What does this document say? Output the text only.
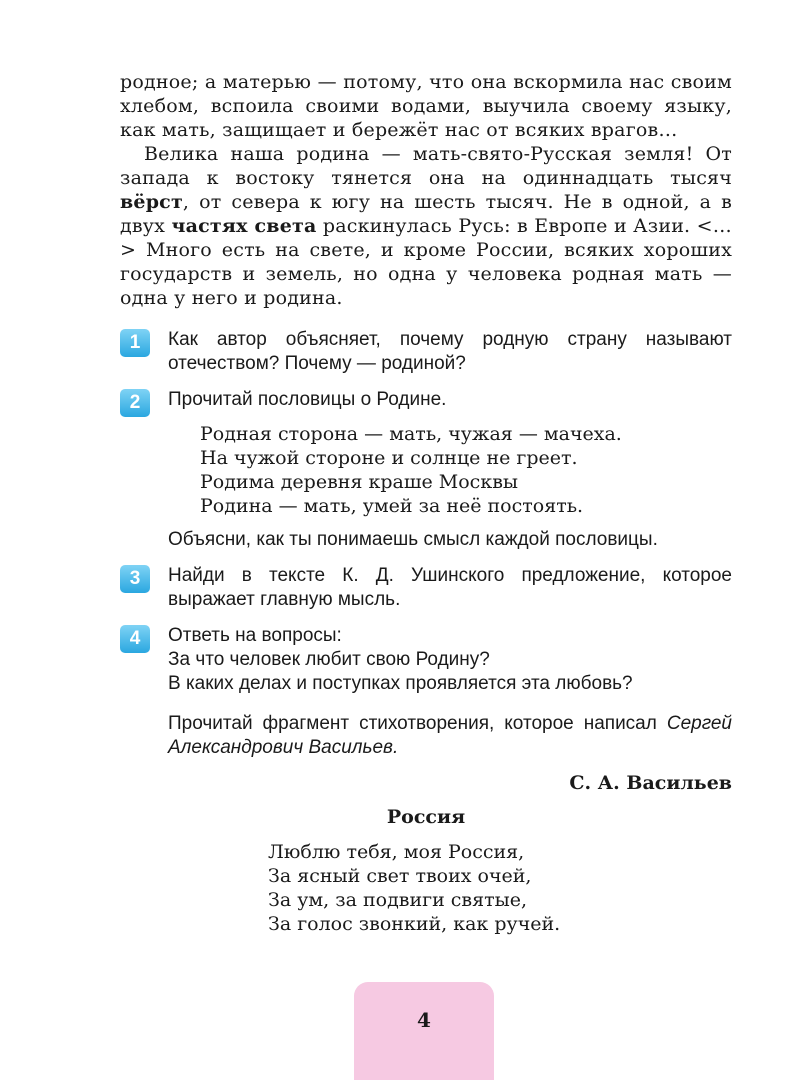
родное; а матерью — потому, что она вскормила нас своим хлебом, вспоила своими водами, выучила своему языку, как мать, защищает и бережёт нас от всяких врагов…

Велика наша родина — мать-свято-Русская земля! От запада к востоку тянется она на одиннадцать тысяч вёрст, от севера к югу на шесть тысяч. Не в одной, а в двух частях света раскинулась Русь: в Европе и Азии. <…> Много есть на свете, и кроме России, всяких хороших государств и земель, но одна у человека родная мать — одна у него и родина.

1	Как автор объясняет, почему родную страну называют отечеством? Почему — родиной?

2	Прочитай пословицы о Родине.

Родная сторона — мать, чужая — мачеха.
На чужой стороне и солнце не греет.
Родима деревня краше Москвы
Родина — мать, умей за неё постоять.

Объясни, как ты понимаешь смысл каждой пословицы.

3	Найди в тексте К. Д. Ушинского предложение, которое выражает главную мысль.

4	Ответь на вопросы:

За что человек любит свою Родину?

В каких делах и поступках проявляется эта любовь?

Прочитай фрагмент стихотворения, которое написал Сергей Александрович Васильев.
С. А. Васильев
Россия
Люблю тебя, моя Россия,
За ясный свет твоих очей,
За ум, за подвиги святые,
За голос звонкий, как ручей.
4
